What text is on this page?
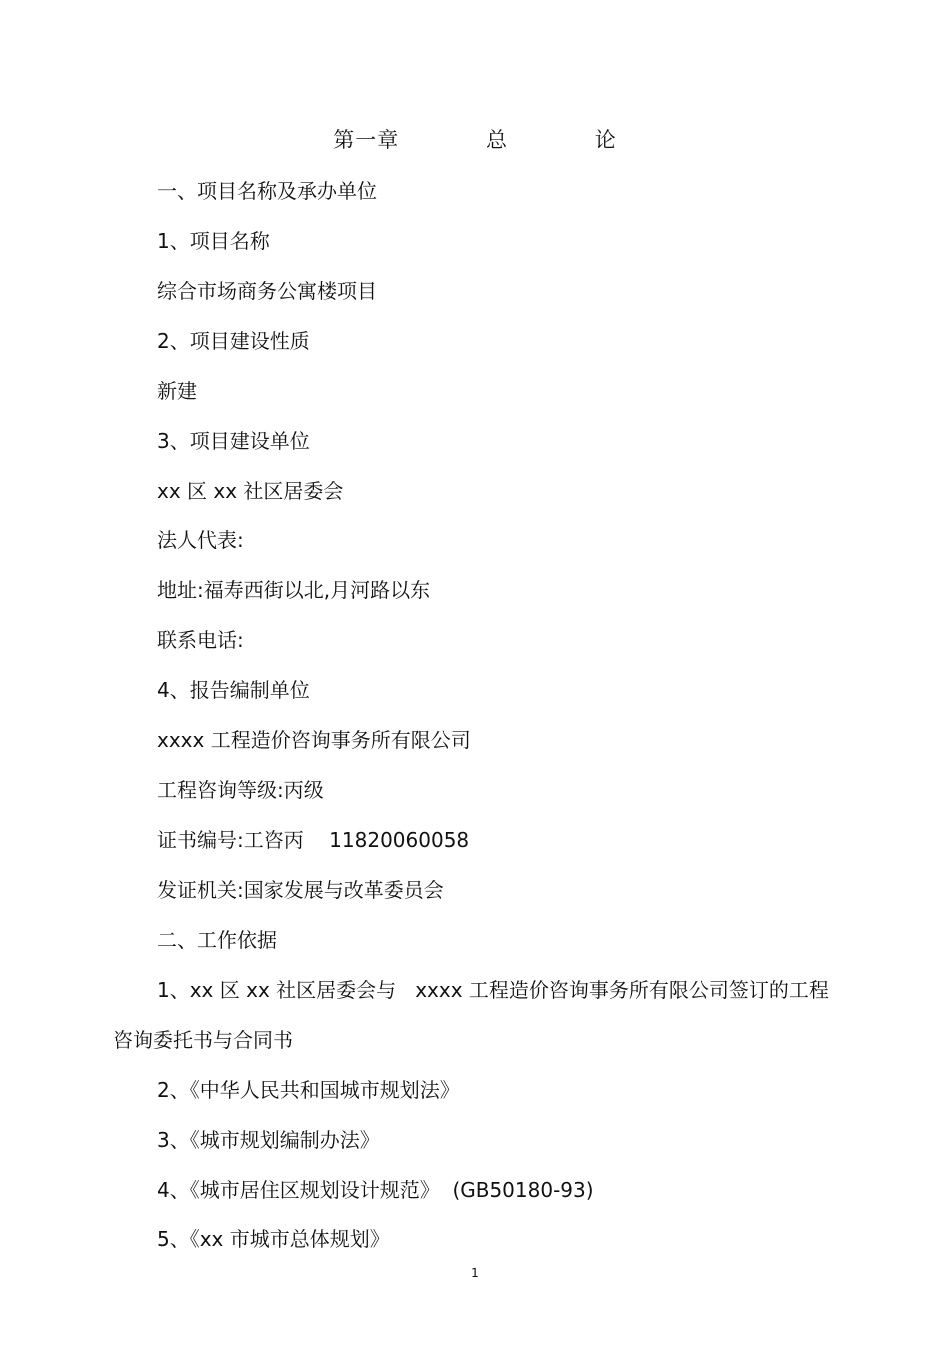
第一章    总    论
一、项目名称及承办单位
1、项目名称
综合市场商务公寓楼项目
2、项目建设性质
新建
3、项目建设单位
xx 区 xx 社区居委会
法人代表:
地址:福寿西街以北,月河路以东
联系电话:
4、报告编制单位
xxxx 工程造价咨询事务所有限公司
工程咨询等级:丙级
证书编号:工咨丙    11820060058
发证机关:国家发展与改革委员会
二、工作依据
1、xx 区 xx 社区居委会与   xxxx 工程造价咨询事务所有限公司签订的工程
咨询委托书与合同书
2、《中华人民共和国城市规划法》
3、《城市规划编制办法》
4、《城市居住区规划设计规范》  (GB50180-93)
5、《xx 市城市总体规划》
1
